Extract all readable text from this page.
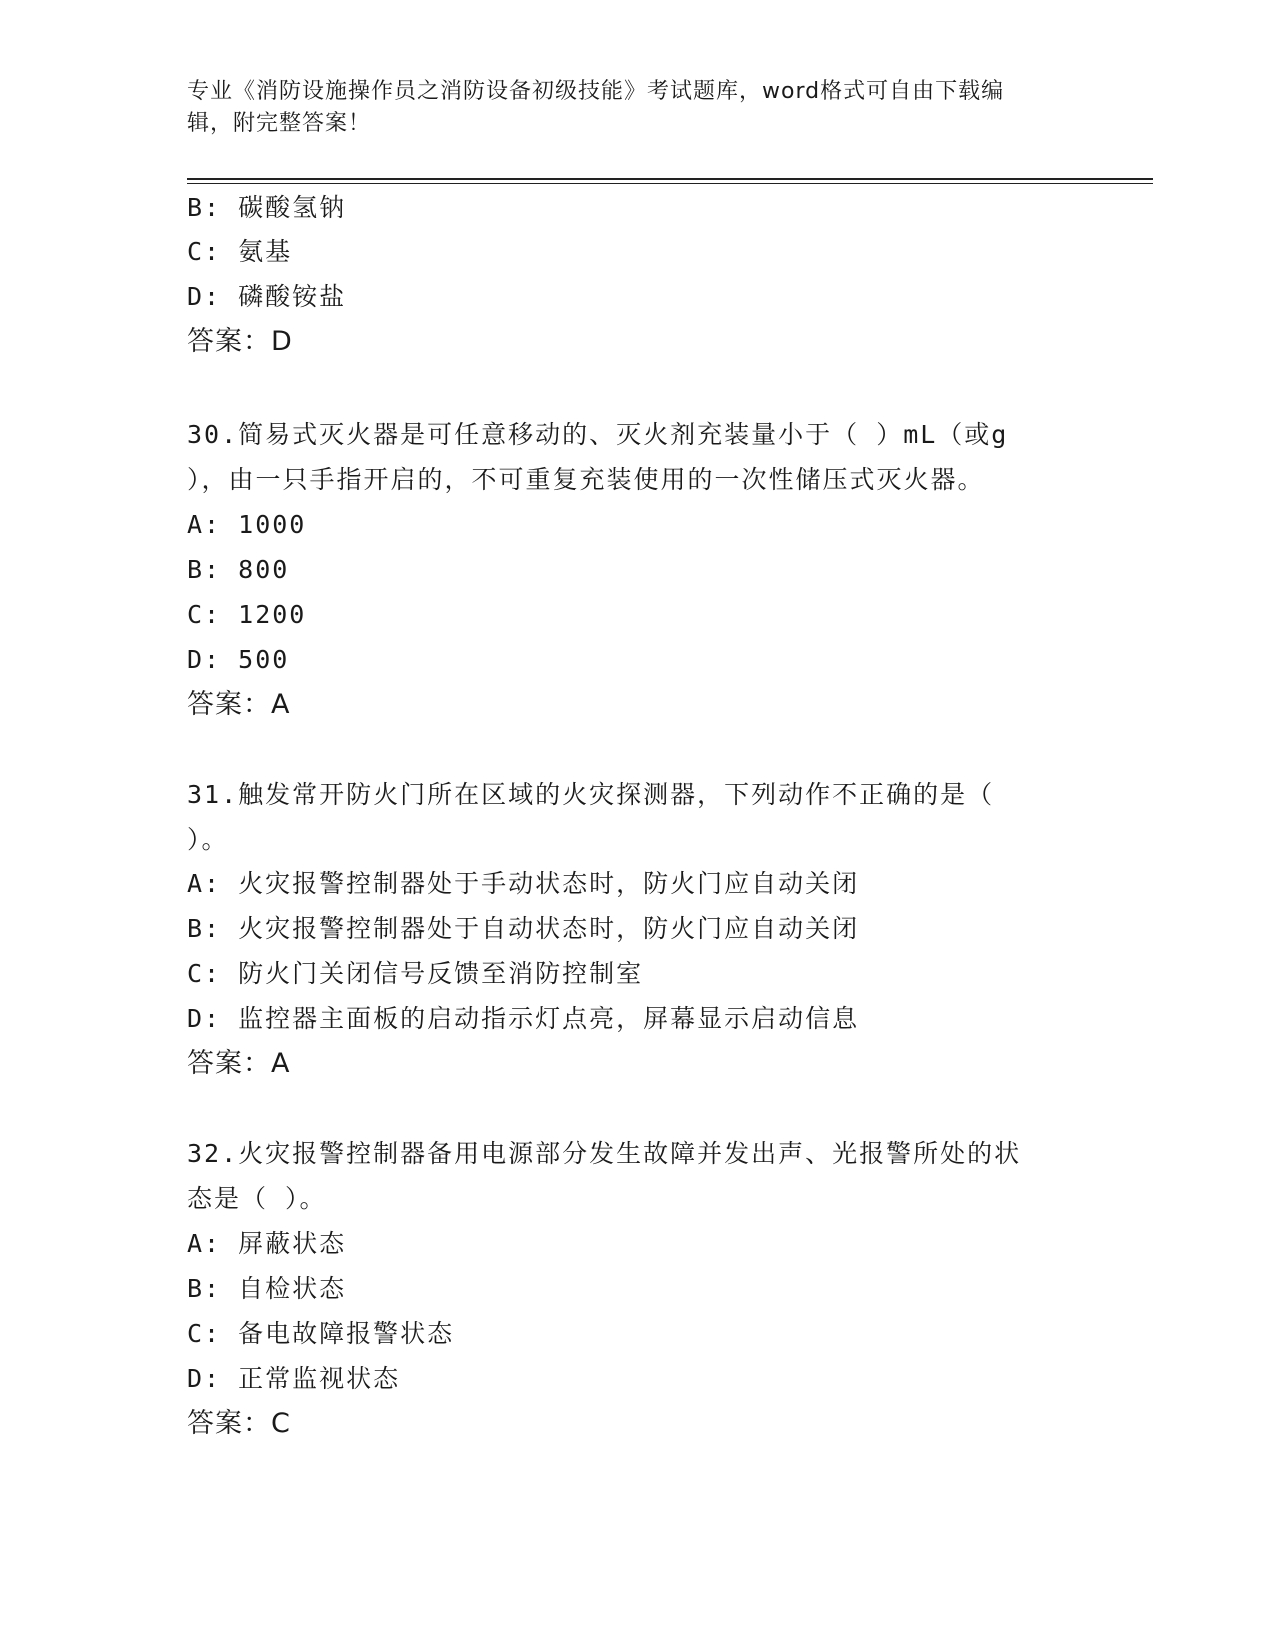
专业《消防设施操作员之消防设备初级技能》考试题库，word格式可自由下载编
辑，附完整答案！
B: 碳酸氢钠
C: 氨基
D: 磷酸铵盐
答案：D
30.简易式灭火器是可任意移动的、灭火剂充装量小于（ ）mL（或g
），由一只手指开启的，不可重复充装使用的一次性储压式灭火器。
A: 1000
B: 800
C: 1200
D: 500
答案：A
31.触发常开防火门所在区域的火灾探测器，下列动作不正确的是（
）。
A: 火灾报警控制器处于手动状态时，防火门应自动关闭
B: 火灾报警控制器处于自动状态时，防火门应自动关闭
C: 防火门关闭信号反馈至消防控制室
D: 监控器主面板的启动指示灯点亮，屏幕显示启动信息
答案：A
32.火灾报警控制器备用电源部分发生故障并发出声、光报警所处的状
态是（ ）。
A: 屏蔽状态
B: 自检状态
C: 备电故障报警状态
D: 正常监视状态
答案：C
